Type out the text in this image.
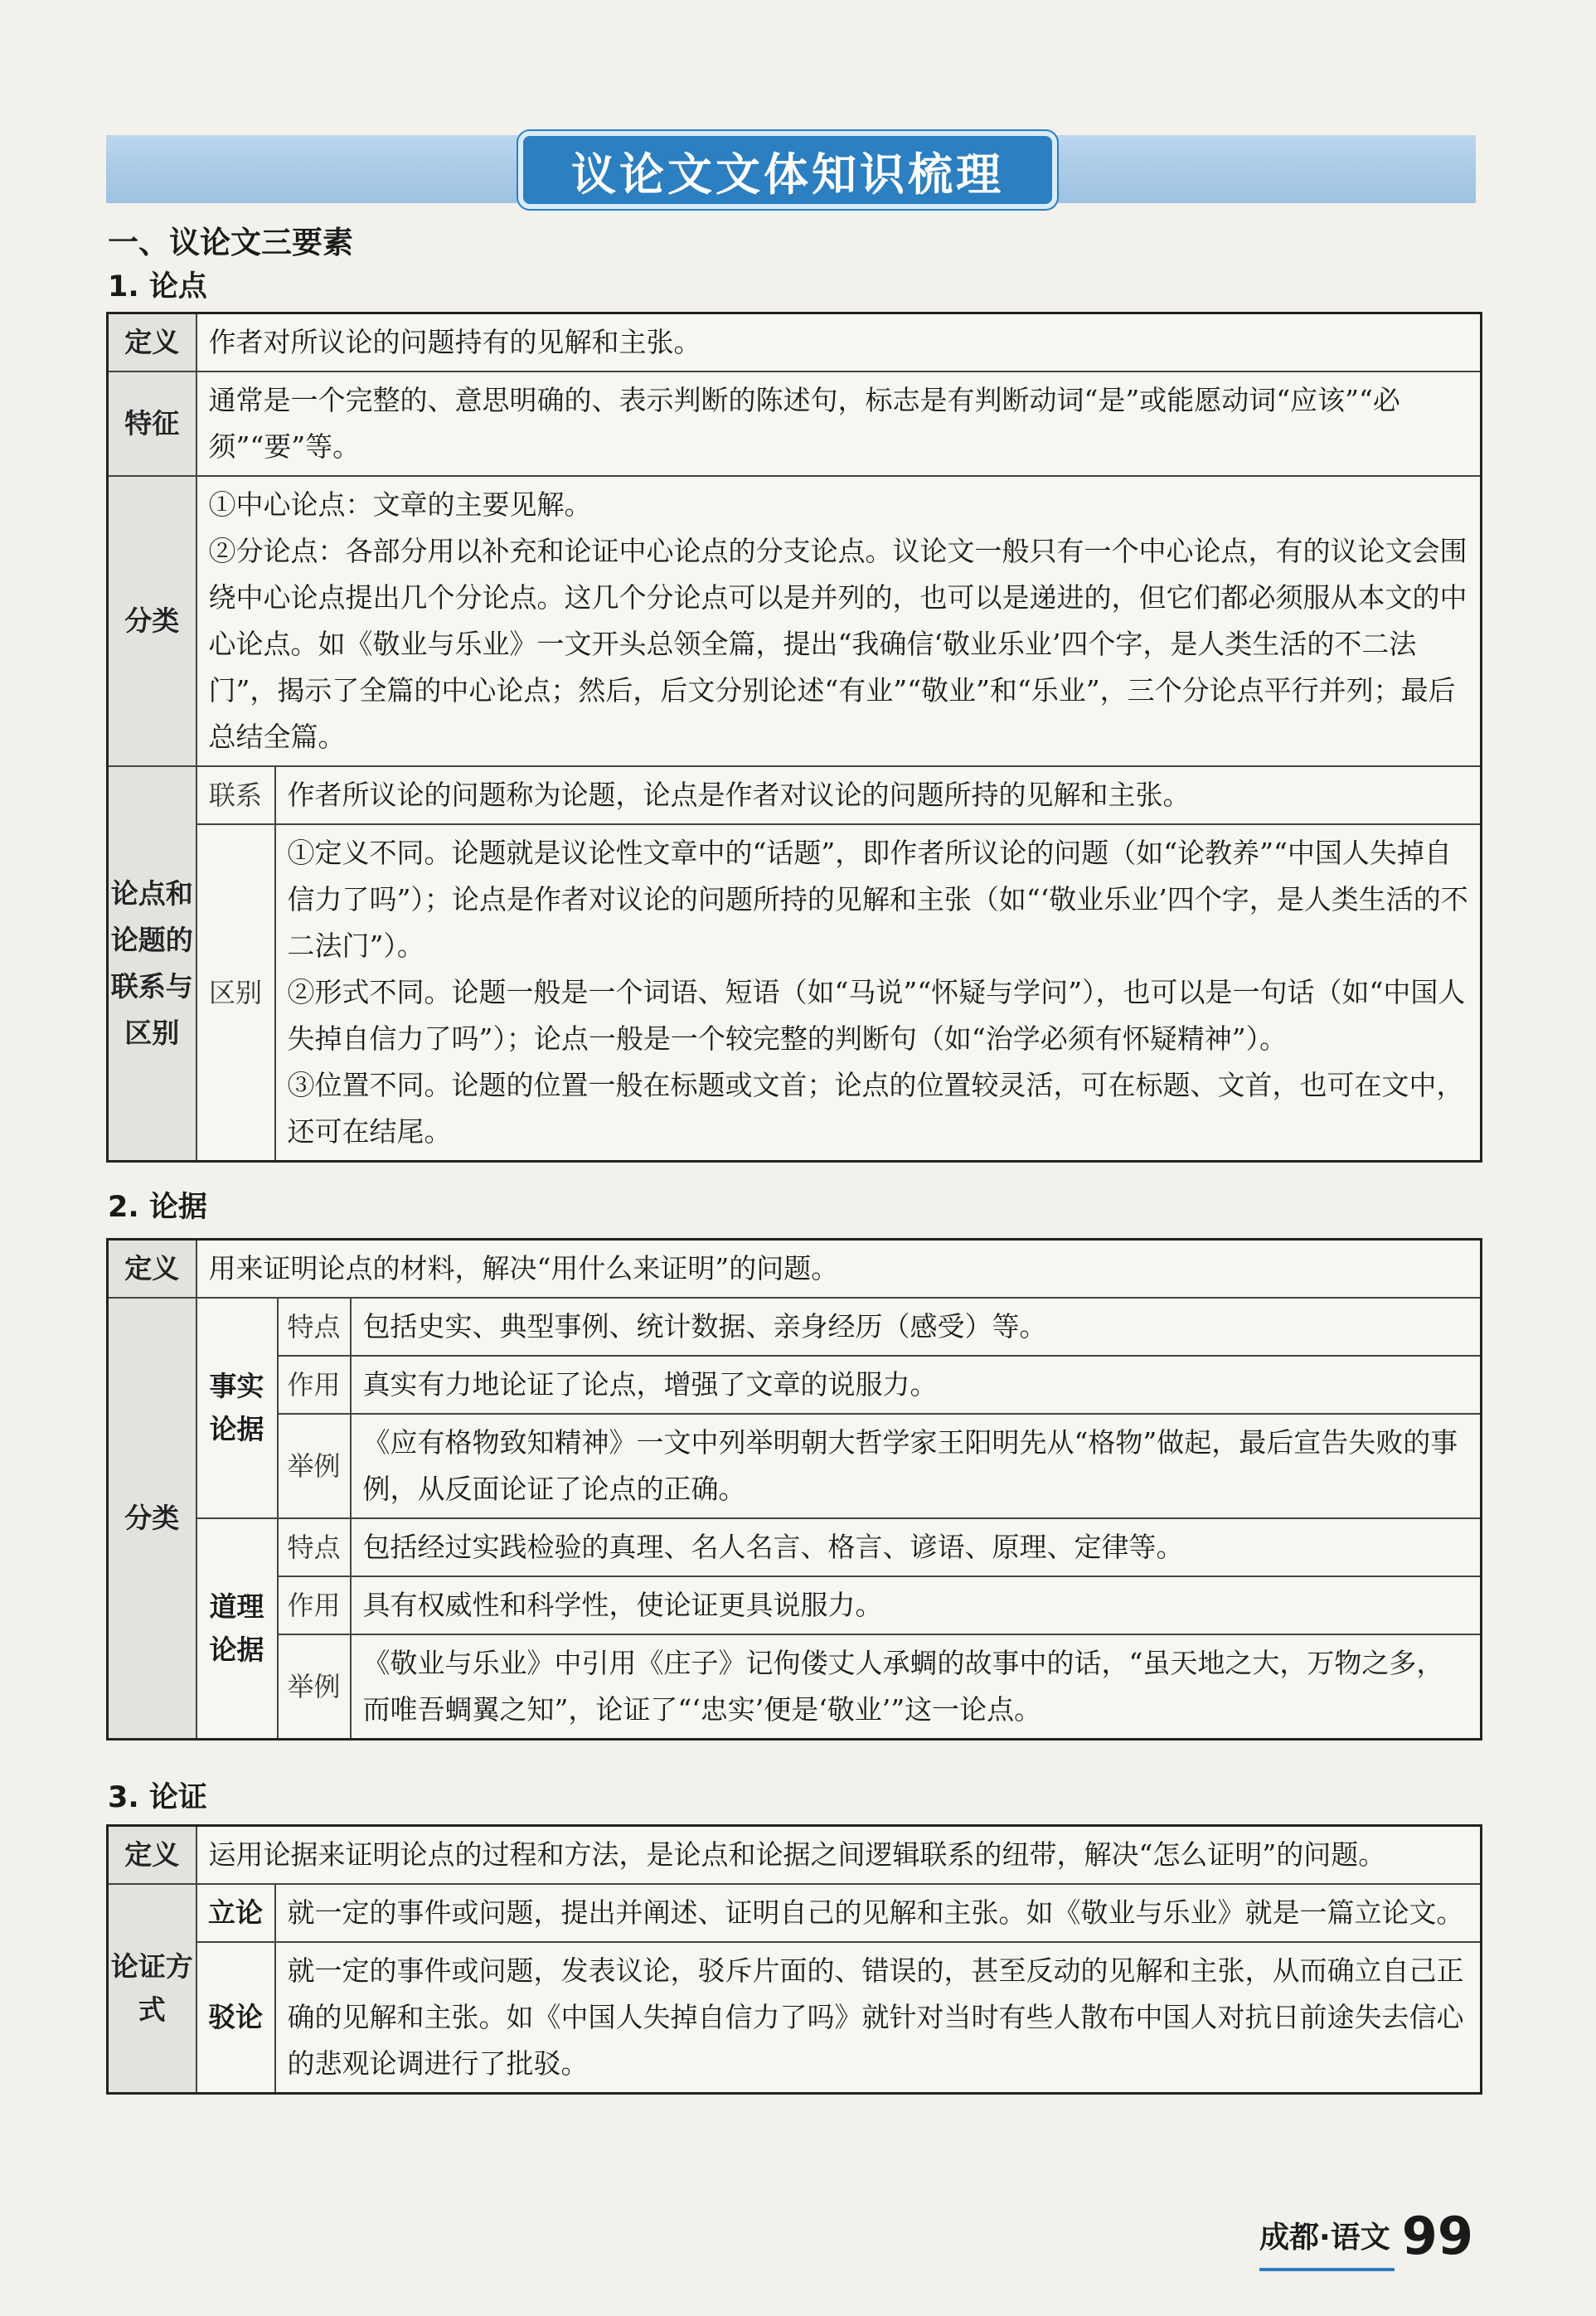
议论文文体知识梳理
一、议论文三要素
1. 论点
定义	作者对所议论的问题持有的见解和主张。	
特征	通常是一个完整的、意思明确的、表示判断的陈述句，标志是有判断动词“是”或能愿动词“应该”“必须”“要”等。	
分类	①中心论点：文章的主要见解。
②分论点：各部分用以补充和论证中心论点的分支论点。议论文一般只有一个中心论点，有的议论文会围绕中心论点提出几个分论点。这几个分论点可以是并列的，也可以是递进的，但它们都必须服从本文的中心论点。如《敬业与乐业》一文开头总领全篇，提出“我确信‘敬业乐业’四个字，是人类生活的不二法门”，揭示了全篇的中心论点；然后，后文分别论述“有业”“敬业”和“乐业”，三个分论点平行并列；最后总结全篇。	

论点和论题的联系与区别	联系	作者所议论的问题称为论题，论点是作者对议论的问题所持的见解和主张。
	区别	①定义不同。论题就是议论性文章中的“话题”，即作者所议论的问题（如“论教养”“中国人失掉自信力了吗”）；论点是作者对议论的问题所持的见解和主张（如“‘敬业乐业’四个字，是人类生活的不二法门”）。
②形式不同。论题一般是一个词语、短语（如“马说”“怀疑与学问”），也可以是一句话（如“中国人失掉自信力了吗”）；论点一般是一个较完整的判断句（如“治学必须有怀疑精神”）。
③位置不同。论题的位置一般在标题或文首；论点的位置较灵活，可在标题、文首，也可在文中，还可在结尾。
2. 论据
定义	用来证明论点的材料，解决“用什么来证明”的问题。		
分类	事实论据	特点	包括史实、典型事例、统计数据、亲身经历（感受）等。
		作用	真实有力地论证了论点，增强了文章的说服力。
		举例	《应有格物致知精神》一文中列举明朝大哲学家王阳明先从“格物”做起，最后宣告失败的事例，从反面论证了论点的正确。
	道理论据	特点	包括经过实践检验的真理、名人名言、格言、谚语、原理、定律等。
		作用	具有权威性和科学性，使论证更具说服力。
		举例	《敬业与乐业》中引用《庄子》记佝偻丈人承蜩的故事中的话，“虽天地之大，万物之多，而唯吾蜩翼之知”，论证了“‘忠实’便是‘敬业’”这一论点。
3. 论证
定义	运用论据来证明论点的过程和方法，是论点和论据之间逻辑联系的纽带，解决“怎么证明”的问题。	
论证方式	立论	就一定的事件或问题，提出并阐述、证明自己的见解和主张。如《敬业与乐业》就是一篇立论文。
	驳论	就一定的事件或问题，发表议论，驳斥片面的、错误的，甚至反动的见解和主张，从而确立自己正确的见解和主张。如《中国人失掉自信力了吗》就针对当时有些人散布中国人对抗日前途失去信心的悲观论调进行了批驳。
成都·语文 99
